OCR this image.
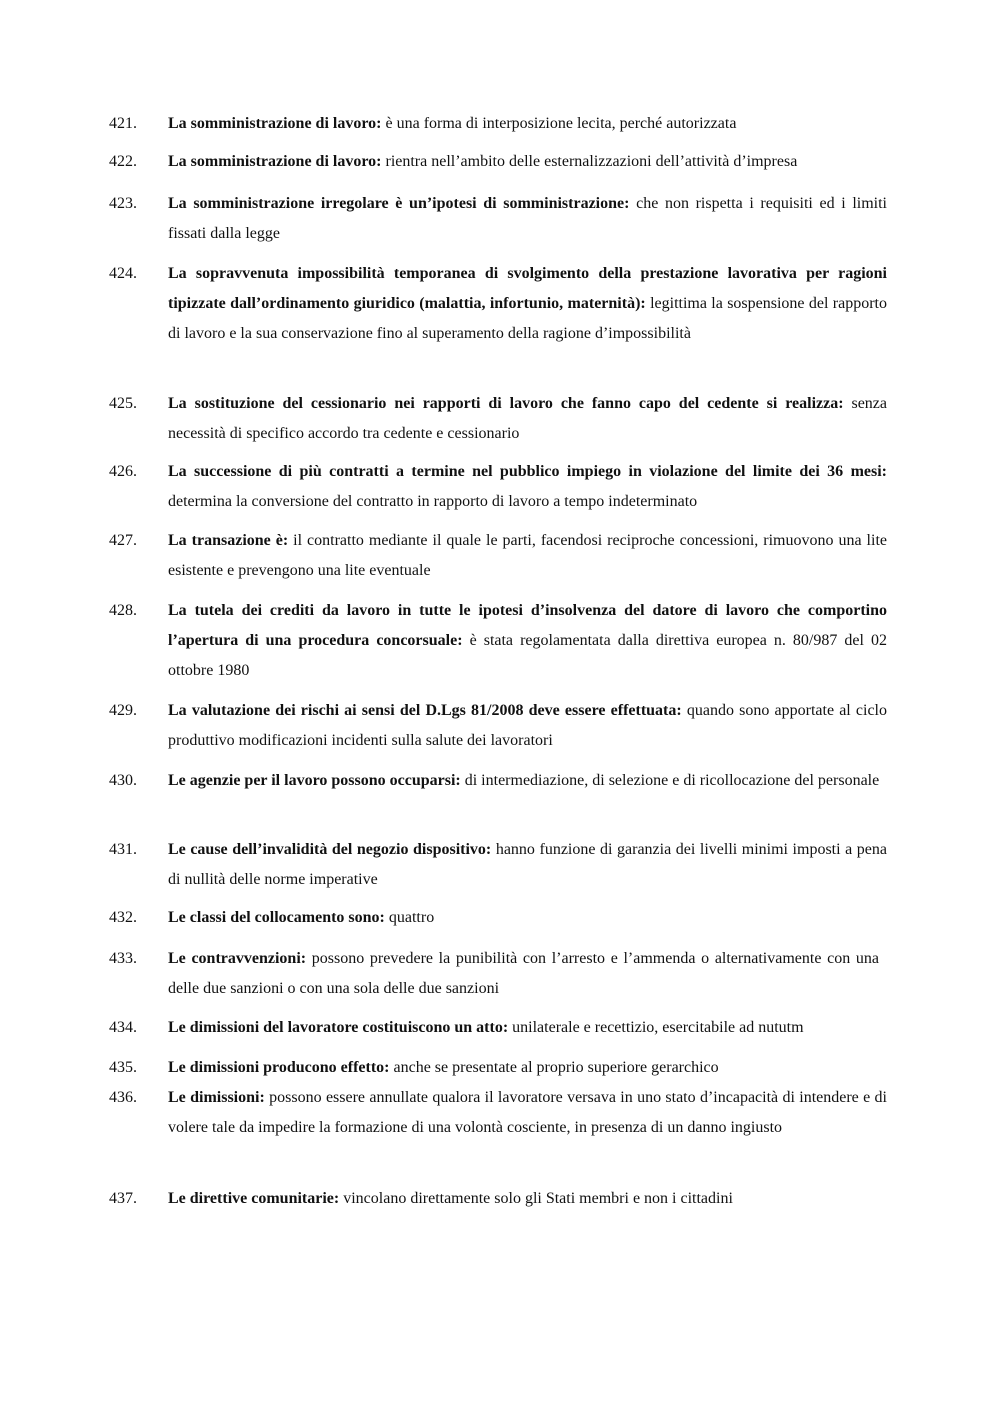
421. La somministrazione di lavoro: è una forma di interposizione lecita, perché autorizzata
422. La somministrazione di lavoro: rientra nell’ambito delle esternalizzazioni dell’attività d’impresa
423. La somministrazione irregolare è un’ipotesi di somministrazione: che non rispetta i requisiti ed i limiti fissati dalla legge
424. La sopravvenuta impossibilità temporanea di svolgimento della prestazione lavorativa per ragioni tipizzate dall’ordinamento giuridico (malattia, infortunio, maternità): legittima la sospensione del rapporto di lavoro e la sua conservazione fino al superamento della ragione d’impossibilità
425. La sostituzione del cessionario nei rapporti di lavoro che fanno capo del cedente si realizza: senza necessità di specifico accordo tra cedente e cessionario
426. La successione di più contratti a termine nel pubblico impiego in violazione del limite dei 36 mesi: determina la conversione del contratto in rapporto di lavoro a tempo indeterminato
427. La transazione è: il contratto mediante il quale le parti, facendosi reciproche concessioni, rimuovono una lite esistente e prevengono una lite eventuale
428. La tutela dei crediti da lavoro in tutte le ipotesi d’insolvenza del datore di lavoro che comportino l’apertura di una procedura concorsuale: è stata regolamentata dalla direttiva europea n. 80/987 del 02 ottobre 1980
429. La valutazione dei rischi ai sensi del D.Lgs 81/2008 deve essere effettuata: quando sono apportate al ciclo produttivo modificazioni incidenti sulla salute dei lavoratori
430. Le agenzie per il lavoro possono occuparsi: di intermediazione, di selezione e di ricollocazione del personale
431. Le cause dell’invalidità del negozio dispositivo: hanno funzione di garanzia dei livelli minimi imposti a pena di nullità delle norme imperative
432. Le classi del collocamento sono: quattro
433. Le contravvenzioni: possono prevedere la punibilità con l’arresto e l’ammenda o alternativamente con una delle due sanzioni o con una sola delle due sanzioni
434. Le dimissioni del lavoratore costituiscono un atto: unilaterale e recettizio, esercitabile ad nututm
435. Le dimissioni producono effetto: anche se presentate al proprio superiore gerarchico
436. Le dimissioni: possono essere annullate qualora il lavoratore versava in uno stato d’incapacità di intendere e di volere tale da impedire la formazione di una volontà cosciente, in presenza di un danno ingiusto
437. Le direttive comunitarie: vincolano direttamente solo gli Stati membri e non i cittadini
